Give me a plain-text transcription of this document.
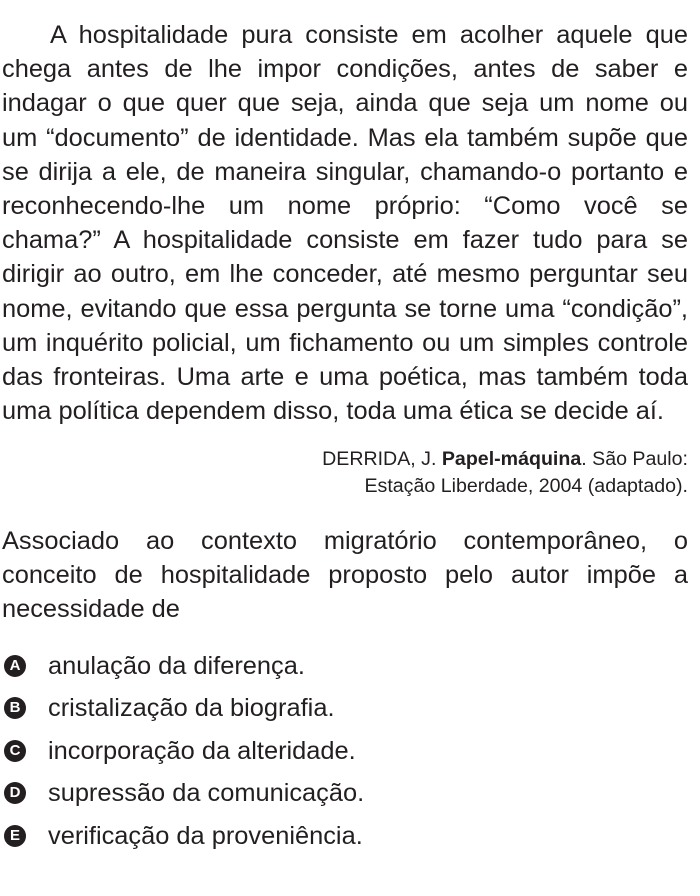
A hospitalidade pura consiste em acolher aquele que chega antes de lhe impor condições, antes de saber e indagar o que quer que seja, ainda que seja um nome ou um “documento” de identidade. Mas ela também supõe que se dirija a ele, de maneira singular, chamando-o portanto e reconhecendo-lhe um nome próprio: “Como você se chama?” A hospitalidade consiste em fazer tudo para se dirigir ao outro, em lhe conceder, até mesmo perguntar seu nome, evitando que essa pergunta se torne uma “condição”, um inquérito policial, um fichamento ou um simples controle das fronteiras. Uma arte e uma poética, mas também toda uma política dependem disso, toda uma ética se decide aí.

DERRIDA, J. Papel-máquina. São Paulo:
Estação Liberdade, 2004 (adaptado).

Associado ao contexto migratório contemporâneo, o conceito de hospitalidade proposto pelo autor impõe a necessidade de

A anulação da diferença.
B cristalização da biografia.
C incorporação da alteridade.
D supressão da comunicação.
E verificação da proveniência.
